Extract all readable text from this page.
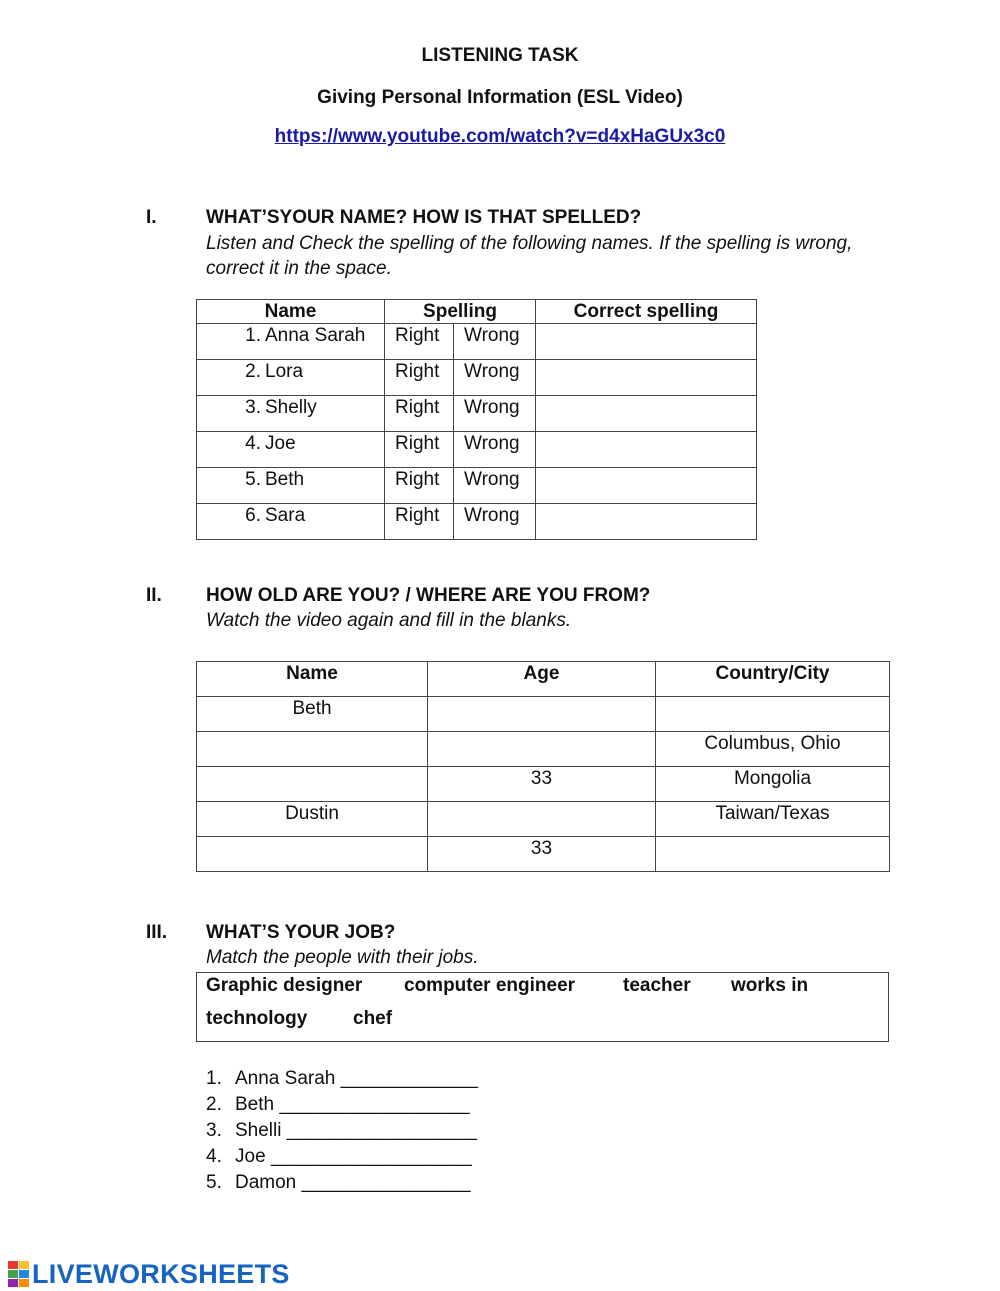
LISTENING TASK
Giving Personal Information (ESL Video)
https://www.youtube.com/watch?v=d4xHaGUx3c0
I.	WHAT’SYOUR NAME? HOW IS THAT SPELLED?
Listen and Check the spelling of the following names. If the spelling is wrong,
correct it in the space.
Name	Spelling		Correct spelling
1. Anna Sarah	Right	Wrong	
2. Lora	Right	Wrong	
3. Shelly	Right	Wrong	
4. Joe	Right	Wrong	
5. Beth	Right	Wrong	
6. Sara	Right	Wrong	
II. HOW OLD ARE YOU? / WHERE ARE YOU FROM?
Watch the video again and fill in the blanks.
Name	Age	Country/City
Beth		
		Columbus, Ohio
	33	Mongolia
Dustin		Taiwan/Texas
	33	
III. WHAT’S YOUR JOB?
Match the people with their jobs.
Graphic designer computer engineer	teacher works in
technology chef
1. Anna Sarah _____________
2. Beth __________________
3. Shelli __________________
4. Joe ___________________
5. Damon ________________
LIVEWORKSHEETS
